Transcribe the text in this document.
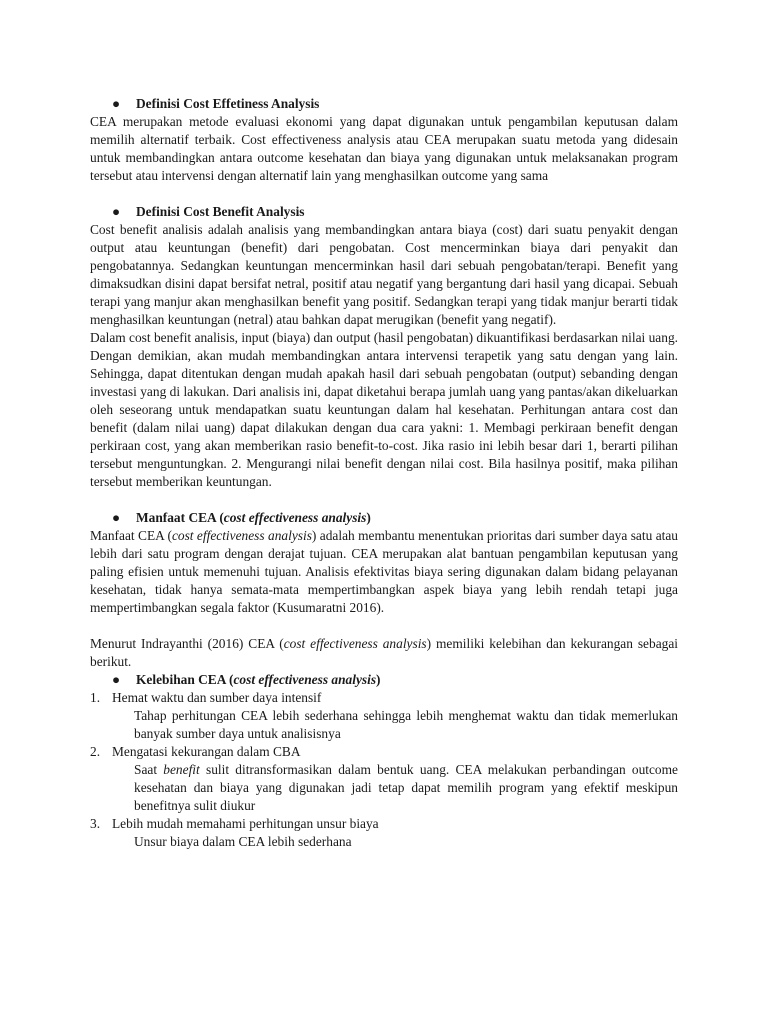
● Definisi Cost Effetiness Analysis

CEA merupakan metode evaluasi ekonomi yang dapat digunakan untuk pengambilan keputusan dalam memilih alternatif terbaik. Cost effectiveness analysis atau CEA merupakan suatu metoda yang didesain untuk membandingkan antara outcome kesehatan dan biaya yang digunakan untuk melaksanakan program tersebut atau intervensi dengan alternatif lain yang menghasilkan outcome yang sama

● Definisi Cost Benefit Analysis

Cost benefit analisis adalah analisis yang membandingkan antara biaya (cost) dari suatu penyakit dengan output atau keuntungan (benefit) dari pengobatan. Cost mencerminkan biaya dari penyakit dan pengobatannya. Sedangkan keuntungan mencerminkan hasil dari sebuah pengobatan/terapi. Benefit yang dimaksudkan disini dapat bersifat netral, positif atau negatif yang bergantung dari hasil yang dicapai. Sebuah terapi yang manjur akan menghasilkan benefit yang positif. Sedangkan terapi yang tidak manjur berarti tidak menghasilkan keuntungan (netral) atau bahkan dapat merugikan (benefit yang negatif).

Dalam cost benefit analisis, input (biaya) dan output (hasil pengobatan) dikuantifikasi berdasarkan nilai uang. Dengan demikian, akan mudah membandingkan antara intervensi terapetik yang satu dengan yang lain. Sehingga, dapat ditentukan dengan mudah apakah hasil dari sebuah pengobatan (output) sebanding dengan investasi yang di lakukan. Dari analisis ini, dapat diketahui berapa jumlah uang yang pantas/akan dikeluarkan oleh seseorang untuk mendapatkan suatu keuntungan dalam hal kesehatan. Perhitungan antara cost dan benefit (dalam nilai uang) dapat dilakukan dengan dua cara yakni: 1. Membagi perkiraan benefit dengan perkiraan cost, yang akan memberikan rasio benefit-to-cost. Jika rasio ini lebih besar dari 1, berarti pilihan tersebut menguntungkan. 2. Mengurangi nilai benefit dengan nilai cost. Bila hasilnya positif, maka pilihan tersebut memberikan keuntungan.

● Manfaat CEA (cost effectiveness analysis)

Manfaat CEA (cost effectiveness analysis) adalah membantu menentukan prioritas dari sumber daya satu atau lebih dari satu program dengan derajat tujuan. CEA merupakan alat bantuan pengambilan keputusan yang paling efisien untuk memenuhi tujuan. Analisis efektivitas biaya sering digunakan dalam bidang pelayanan kesehatan, tidak hanya semata-mata mempertimbangkan aspek biaya yang lebih rendah tetapi juga mempertimbangkan segala faktor (Kusumaratni 2016).

Menurut Indrayanthi (2016) CEA (cost effectiveness analysis) memiliki kelebihan dan kekurangan sebagai berikut.

● Kelebihan CEA (cost effectiveness analysis)
1. Hemat waktu dan sumber daya intensif

Tahap perhitungan CEA lebih sederhana sehingga lebih menghemat waktu dan tidak memerlukan banyak sumber daya untuk analisisnya

2. Mengatasi kekurangan dalam CBA

Saat benefit sulit ditransformasikan dalam bentuk uang. CEA melakukan perbandingan outcome kesehatan dan biaya yang digunakan jadi tetap dapat memilih program yang efektif meskipun benefitnya sulit diukur

3. Lebih mudah memahami perhitungan unsur biaya

Unsur biaya dalam CEA lebih sederhana
